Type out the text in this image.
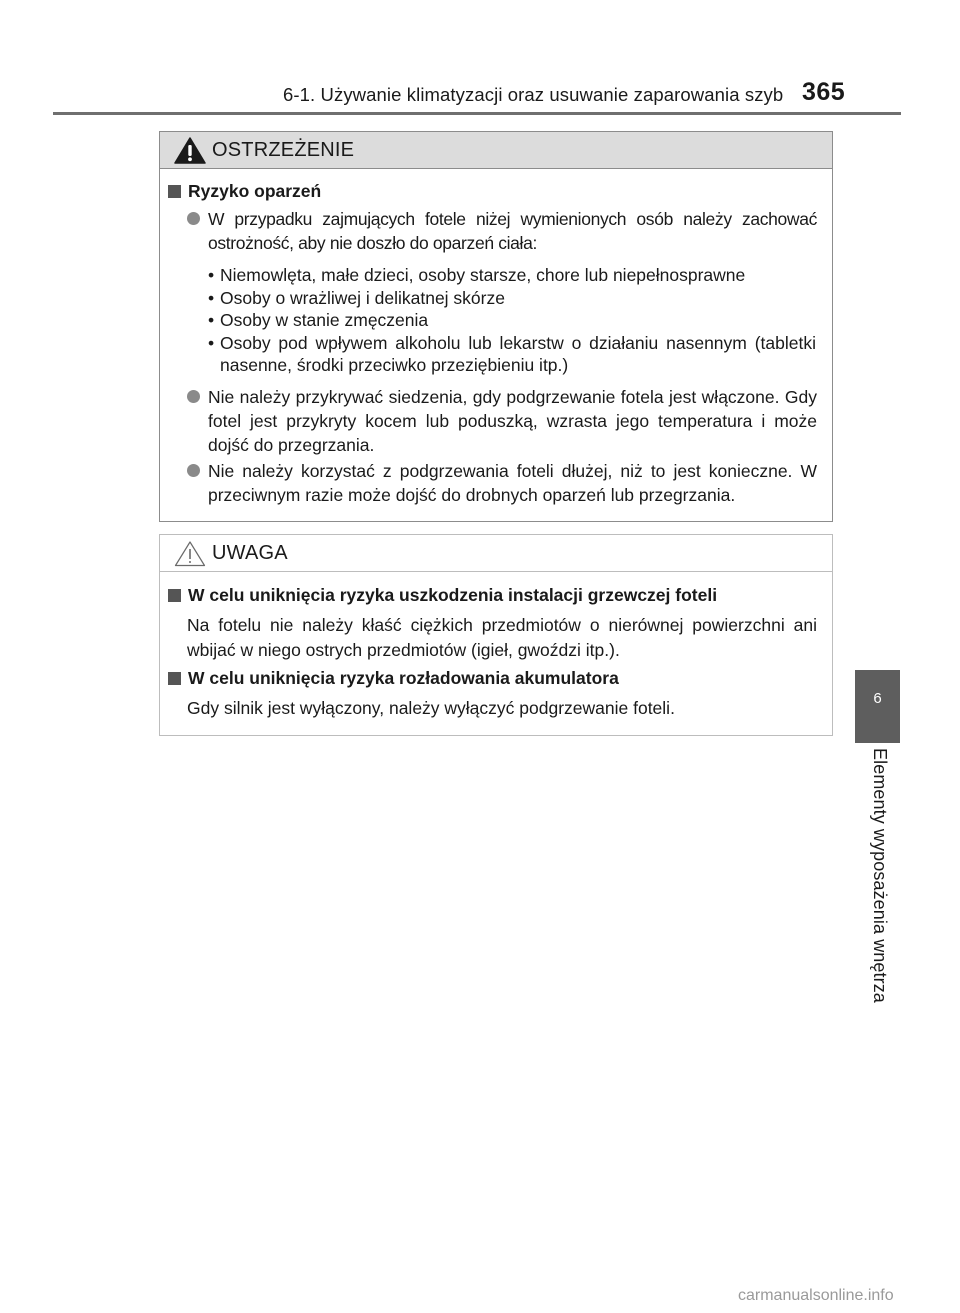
6-1. Używanie klimatyzacji oraz usuwanie zaparowania szyb 365
OSTRZEŻENIE
Ryzyko oparzeń
W przypadku zajmujących fotele niżej wymienionych osób należy zachować ostrożność, aby nie doszło do oparzeń ciała:
• Niemowlęta, małe dzieci, osoby starsze, chore lub niepełnosprawne
• Osoby o wrażliwej i delikatnej skórze
• Osoby w stanie zmęczenia
• Osoby pod wpływem alkoholu lub lekarstw o działaniu nasennym (tabletki nasenne, środki przeciwko przeziębieniu itp.)
Nie należy przykrywać siedzenia, gdy podgrzewanie fotela jest włączone. Gdy fotel jest przykryty kocem lub poduszką, wzrasta jego temperatura i może dojść do przegrzania.
Nie należy korzystać z podgrzewania foteli dłużej, niż to jest konieczne. W przeciwnym razie może dojść do drobnych oparzeń lub przegrzania.
UWAGA
W celu uniknięcia ryzyka uszkodzenia instalacji grzewczej foteli
Na fotelu nie należy kłaść ciężkich przedmiotów o nierównej powierzchni ani wbijać w niego ostrych przedmiotów (igieł, gwoździ itp.).
W celu uniknięcia ryzyka rozładowania akumulatora
Gdy silnik jest wyłączony, należy wyłączyć podgrzewanie foteli.	6
Elementy wyposażenia wnętrza
carmanualsonline.info
